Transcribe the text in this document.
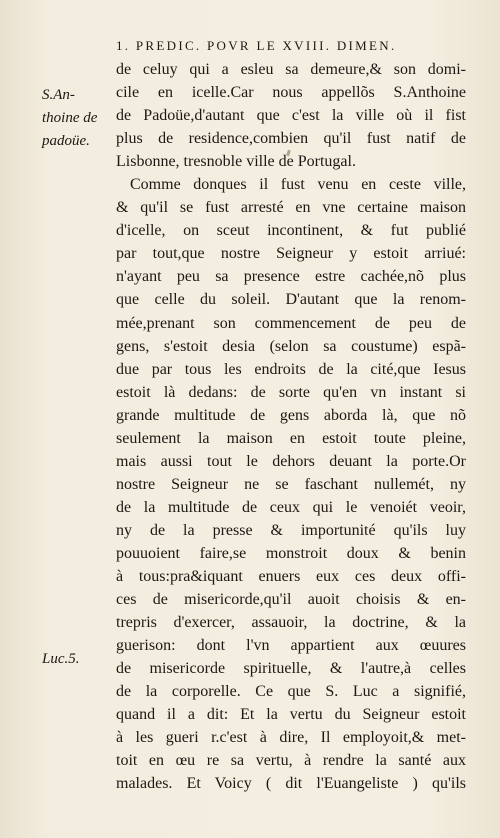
1. PREDIC. POVR LE XVIII. DIMEN.
S.An-
thoine de
padoüe.
Luc.5.
de celuy qui a esleu sa demeure,& son domi-
cile en icelle.Car nous appellõs S.Anthoine
de Padoüe,d'autant que c'est la ville où il fist
plus de residence,combien qu'il fust natif de
Lisbonne, tresnoble ville de Portugal.
Comme donques il fust venu en ceste ville,
& qu'il se fust arresté en vne certaine maison
d'icelle, on sceut incontinent, & fut publié
par tout,que nostre Seigneur y estoit arriué:
n'ayant peu sa presence estre cachée,nõ plus
que celle du soleil. D'autant que la renom-
mée,prenant son commencement de peu de
gens, s'estoit desia (selon sa coustume) espã-
due par tous les endroits de la cité,que Iesus
estoit là dedans: de sorte qu'en vn instant si
grande multitude de gens abordа là, que nõ
seulement la maison en estoit toute pleine,
mais aussi tout le dehors deuant la porte.Or
nostre Seigneur ne se faschant nullemét, ny
de la multitude de ceux qui le venoiét veoir,
ny de la presse & importunité qu'ils luy
pouuoient faire,se monstroit doux & benin
à tous:pra&iquant enuers eux ces deux offi-
ces de misericorde,qu'il auoit choisis & en-
trepris d'exercer, assauoir, la doctrine, & la
guerison: dont l'vn appartient aux œuures
de misericorde spirituelle, & l'autre,à celles
de la corporelle. Ce que S. Luc a signifié,
quand il a dit: Et la vertu du Seigneur estoit
à les gueri r.c'est à dire, Il employoit,& met-
toit en œu re sa vertu, à rendre la santé aux
malades. Et Voicy ( dit l'Euangeliste ) qu'ils
